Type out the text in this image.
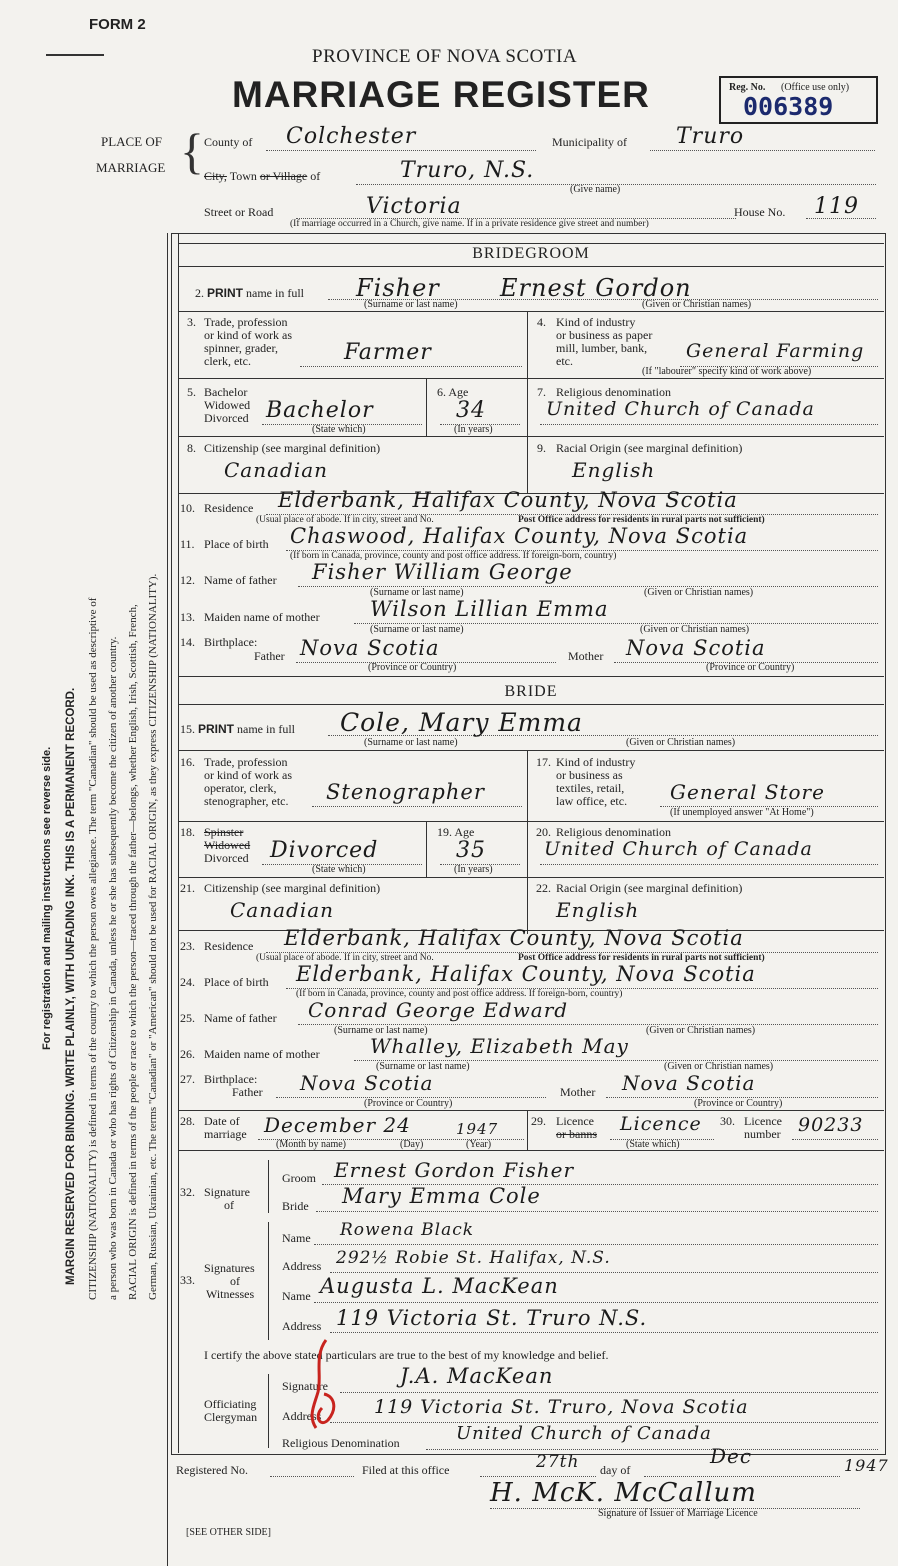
FORM 2
PROVINCE OF NOVA SCOTIA
MARRIAGE REGISTER	Reg. No. (Office use only)
006389
PLACE OF
MARRIAGE { County of Colchester	Municipality of Truro
City, Town or Village of	Truro, N.S.
(Give name)
Street or Road	Victoria	House No. 119
(If marriage occurred in a Church, give name. If in a private residence give street and number)
For registration and mailing instructions see reverse side. MARGIN RESERVED FOR BINDING. WRITE PLAINLY, WITH UNFADING INK. THIS IS A PERMANENT RECORD. CITIZENSHIP (NATIONALITY) is defined in terms of the country to which the person owes allegiance. The term "Canadian" should be used as descriptive of a person who was born in Canada or who has rights of Citizenship in Canada, unless he or she has subsequently become the citizen of another country. RACIAL ORIGIN is defined in terms of the people or race to which the person—traced through the father—belongs, whether English, Irish, Scottish, French, German, Russian, Ukrainian, etc. The terms "Canadian" or "American" should not be used for RACIAL ORIGIN, as they express CITIZENSHIP (NATIONALITY).
BRIDEGROOM
2. PRINT name in full Fisher	Ernest Gordon
(Surname or last name)	(Given or Christian names)
3. Trade, profession
or kind of work as
spinner, grader,
clerk, etc.	Farmer
4. Kind of industry
or business as paper
mill, lumber, bank,
etc.	General Farming
(If "labourer" specify kind of work above)
5. Bachelor
Widowed
Divorced Bachelor
(State which)
6. Age
34
(In years)
7. Religious denomination
United Church of Canada
8. Citizenship (see marginal definition)
Canadian
9. Racial Origin (see marginal definition)
English
10. Residence Elderbank, Halifax County, Nova Scotia
(Usual place of abode. If in city, street and No.	Post Office address for residents in rural parts not sufficient)
11. Place of birth Chaswood, Halifax County, Nova Scotia
(If born in Canada, province, county and post office address. If foreign-born, country)
12. Name of father Fisher William George
(Surname or last name)	(Given or Christian names)
13. Maiden name of mother Wilson Lillian Emma
(Surname or last name)	(Given or Christian names)
14. Birthplace:
Father Nova Scotia	Mother Nova Scotia
(Province or Country)	(Province or Country)
BRIDE
15. PRINT name in full Cole, Mary Emma
(Surname or last name)	(Given or Christian names)
16. Trade, profession
or kind of work as
operator, clerk,
stenographer, etc. Stenographer
17. Kind of industry
or business as
textiles, retail,
law office, etc. General Store
(If unemployed answer "At Home")
18. Spinster
Widowed
Divorced Divorced
(State which)
19. Age
35
(In years)
20. Religious denomination
United Church of Canada
21. Citizenship (see marginal definition)
Canadian
22. Racial Origin (see marginal definition)
English
23. Residence Elderbank, Halifax County, Nova Scotia
(Usual place of abode. If in city, street and No.	Post Office address for residents in rural parts not sufficient)
24. Place of birth Elderbank, Halifax County, Nova Scotia
(If born in Canada, province, county and post office address. If foreign-born, country)
25. Name of father Conrad George Edward
(Surname or last name)	(Given or Christian names)
26. Maiden name of mother	Whalley, Elizabeth May
(Surname or last name)	(Given or Christian names)
27. Birthplace:
Father Nova Scotia	Mother Nova Scotia
(Province or Country)	(Province or Country)
28. Date of
marriage December 24	1947
(Month by name)	(Day)	(Year)
29. Licence
or banns Licence
(State which)
30. Licence
number 90233
32. Signature
of
Groom Ernest Gordon Fisher
Bride Mary Emma Cole
33.
Signatures
of
Witnesses
Name Rowena Black
Address 292½ Robie St. Halifax, N.S.
Name Augusta L. MacKean
Address 119 Victoria St. Truro N.S.
I certify the above stated particulars are true to the best of my knowledge and belief.
Officiating
Clergyman
Signature	J.A. MacKean
Address	119 Victoria St. Truro, Nova Scotia
Religious Denomination	United Church of Canada
Registered No.	Filed at this office	27th day of
Dec	1947
H. McK. McCallum
Signature of Issuer of Marriage Licence
[SEE OTHER SIDE]
